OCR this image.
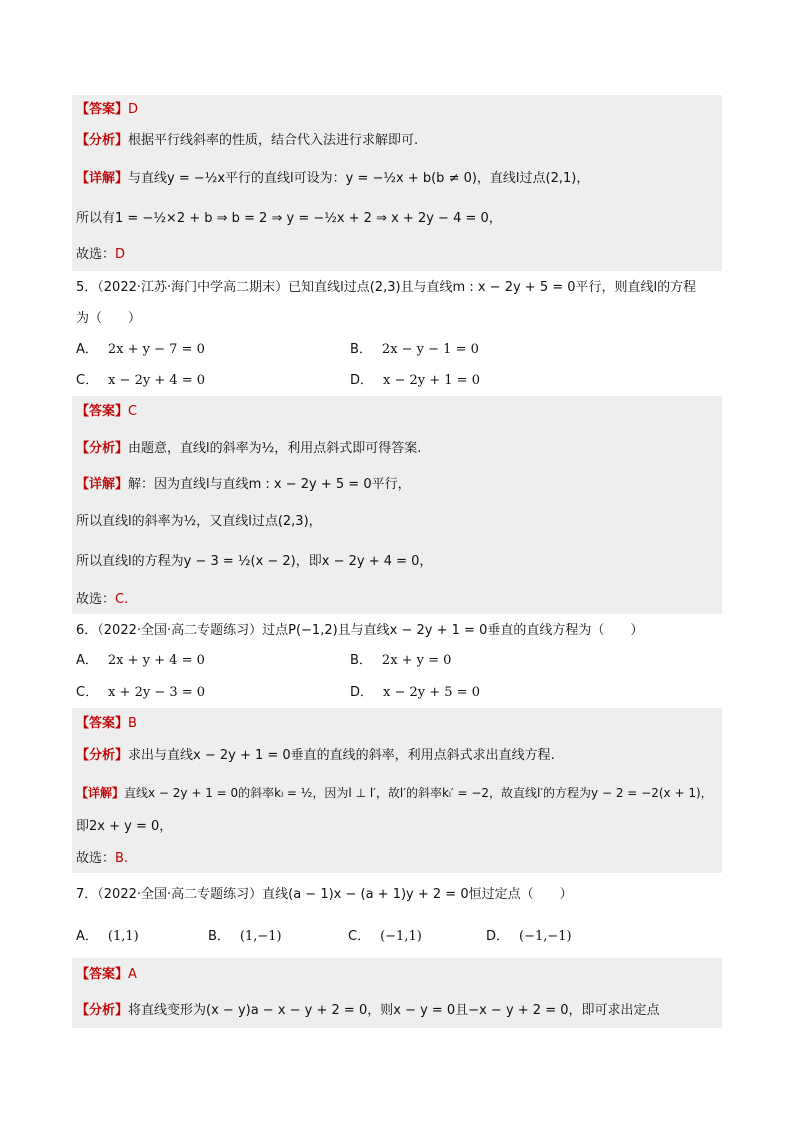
【答案】D
【分析】根据平行线斜率的性质，结合代入法进行求解即可.
【详解】与直线y = −½x平行的直线l可设为：y = −½x + b(b ≠ 0)，直线l过点(2,1)，
所以有1 = −½×2 + b ⇒ b = 2 ⇒ y = −½x + 2 ⇒ x + 2y − 4 = 0，
故选：D
5．（2022·江苏·海门中学高二期末）已知直线l过点(2,3)且与直线m : x − 2y + 5 = 0平行，则直线l的方程
为（　　）
A． 2x + y − 7 = 0	B． 2x − y − 1 = 0
C． x − 2y + 4 = 0	D． x − 2y + 1 = 0
【答案】C
【分析】由题意，直线l的斜率为½，利用点斜式即可得答案.
【详解】解：因为直线l与直线m : x − 2y + 5 = 0平行，
所以直线l的斜率为½，又直线l过点(2,3)，
所以直线l的方程为y − 3 = ½(x − 2)，即x − 2y + 4 = 0，
故选：C.
6．（2022·全国·高二专题练习）过点P(−1,2)且与直线x − 2y + 1 = 0垂直的直线方程为（　　）
A． 2x + y + 4 = 0	B． 2x + y = 0
C． x + 2y − 3 = 0	D． x − 2y + 5 = 0
【答案】B
【分析】求出与直线x − 2y + 1 = 0垂直的直线的斜率，利用点斜式求出直线方程.
【详解】直线x − 2y + 1 = 0的斜率kₗ = ½，因为l ⊥ l′，故l′的斜率kₗ′ = −2，故直线l′的方程为y − 2 = −2(x + 1)，
即2x + y = 0，
故选：B.
7．（2022·全国·高二专题练习）直线(a − 1)x − (a + 1)y + 2 = 0恒过定点（　　）
A． (1,1)	B． (1,−1)	C． (−1,1)	D． (−1,−1)
【答案】A
【分析】将直线变形为(x − y)a − x − y + 2 = 0，则x − y = 0且−x − y + 2 = 0，即可求出定点
